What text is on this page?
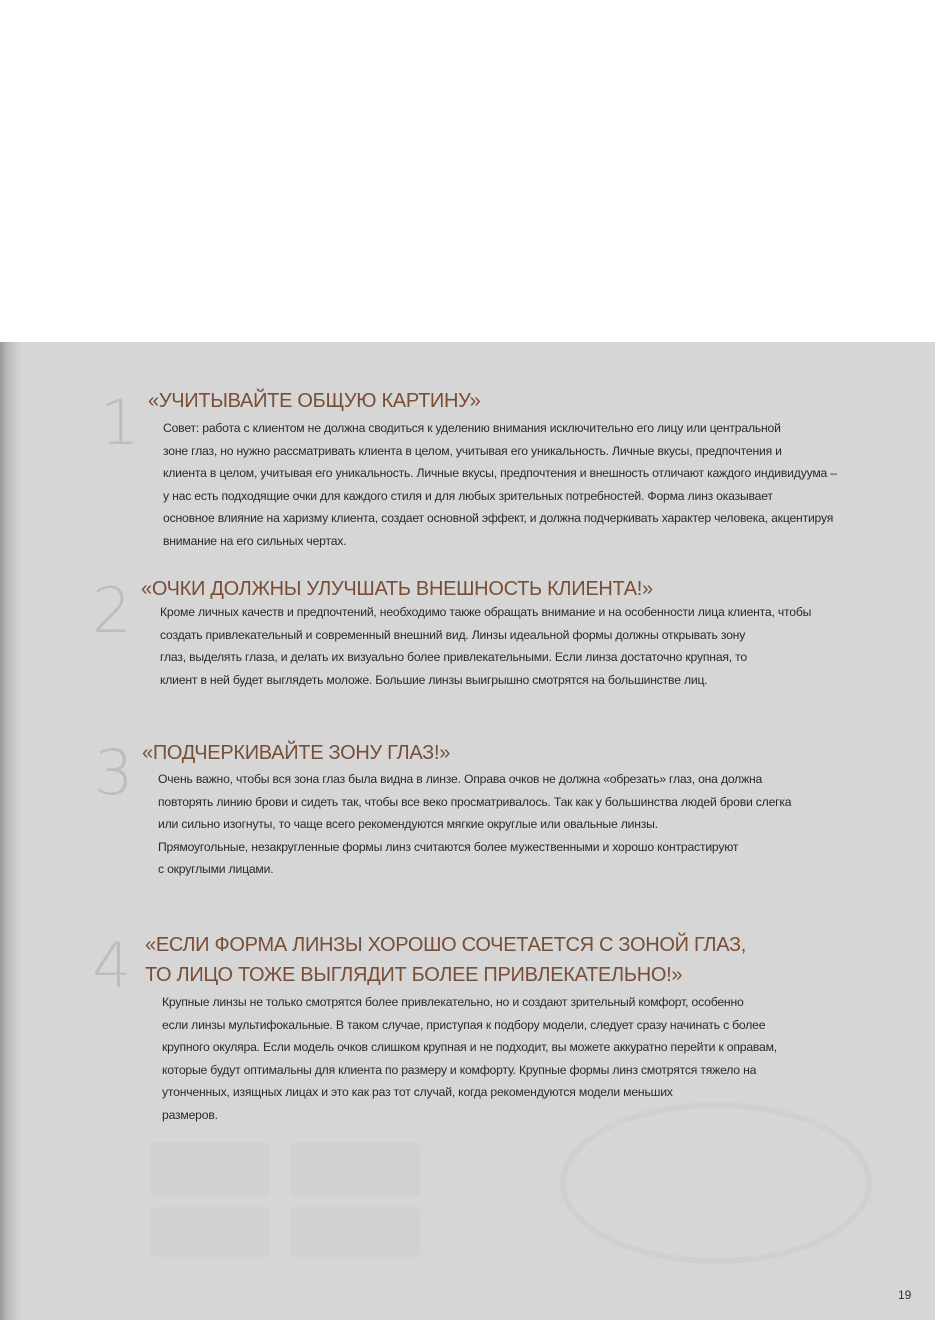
1 «УЧИТЫВАЙТЕ ОБЩУЮ КАРТИНУ»
Совет: работа с клиентом не должна сводиться к уделению внимания исключительно его лицу или центральной
зоне глаз, но нужно рассматривать клиента в целом, учитывая его уникальность. Личные вкусы, предпочтения и
клиента в целом, учитывая его уникальность. Личные вкусы, предпочтения и внешность отличают каждого индивидуума –
у нас есть подходящие очки для каждого стиля и для любых зрительных потребностей. Форма линз оказывает
основное влияние на харизму клиента, создает основной эффект, и должна подчеркивать характер человека, акцентируя
внимание на его сильных чертах.
2 «ОЧКИ ДОЛЖНЫ УЛУЧШАТЬ ВНЕШНОСТЬ КЛИЕНТА!»
Кроме личных качеств и предпочтений, необходимо также обращать внимание и на особенности лица клиента, чтобы
создать привлекательный и современный внешний вид. Линзы идеальной формы должны открывать зону
глаз, выделять глаза, и делать их визуально более привлекательными. Если линза достаточно крупная, то
клиент в ней будет выглядеть моложе. Большие линзы выигрышно смотрятся на большинстве лиц.
3 «ПОДЧЕРКИВАЙТЕ ЗОНУ ГЛАЗ!»
Очень важно, чтобы вся зона глаз была видна в линзе. Оправа очков не должна «обрезать» глаз, она должна
повторять линию брови и сидеть так, чтобы все веко просматривалось. Так как у большинства людей брови слегка
или сильно изогнуты, то чаще всего рекомендуются мягкие округлые или овальные линзы.
Прямоугольные, незакругленные формы линз считаются более мужественными и хорошо контрастируют
с округлыми лицами.
4 «ЕСЛИ ФОРМА ЛИНЗЫ ХОРОШО СОЧЕТАЕТСЯ С ЗОНОЙ ГЛАЗ,
ТО ЛИЦО ТОЖЕ ВЫГЛЯДИТ БОЛЕЕ ПРИВЛЕКАТЕЛЬНО!»
Крупные линзы не только смотрятся более привлекательно, но и создают зрительный комфорт, особенно
если линзы мультифокальные. В таком случае, приступая к подбору модели, следует сразу начинать с более
крупного окуляра. Если модель очков слишком крупная и не подходит, вы можете аккуратно перейти к оправам,
которые будут оптимальны для клиента по размеру и комфорту. Крупные формы линз смотрятся тяжело на
утонченных, изящных лицах и это как раз тот случай, когда рекомендуются модели меньших
размеров.
19
